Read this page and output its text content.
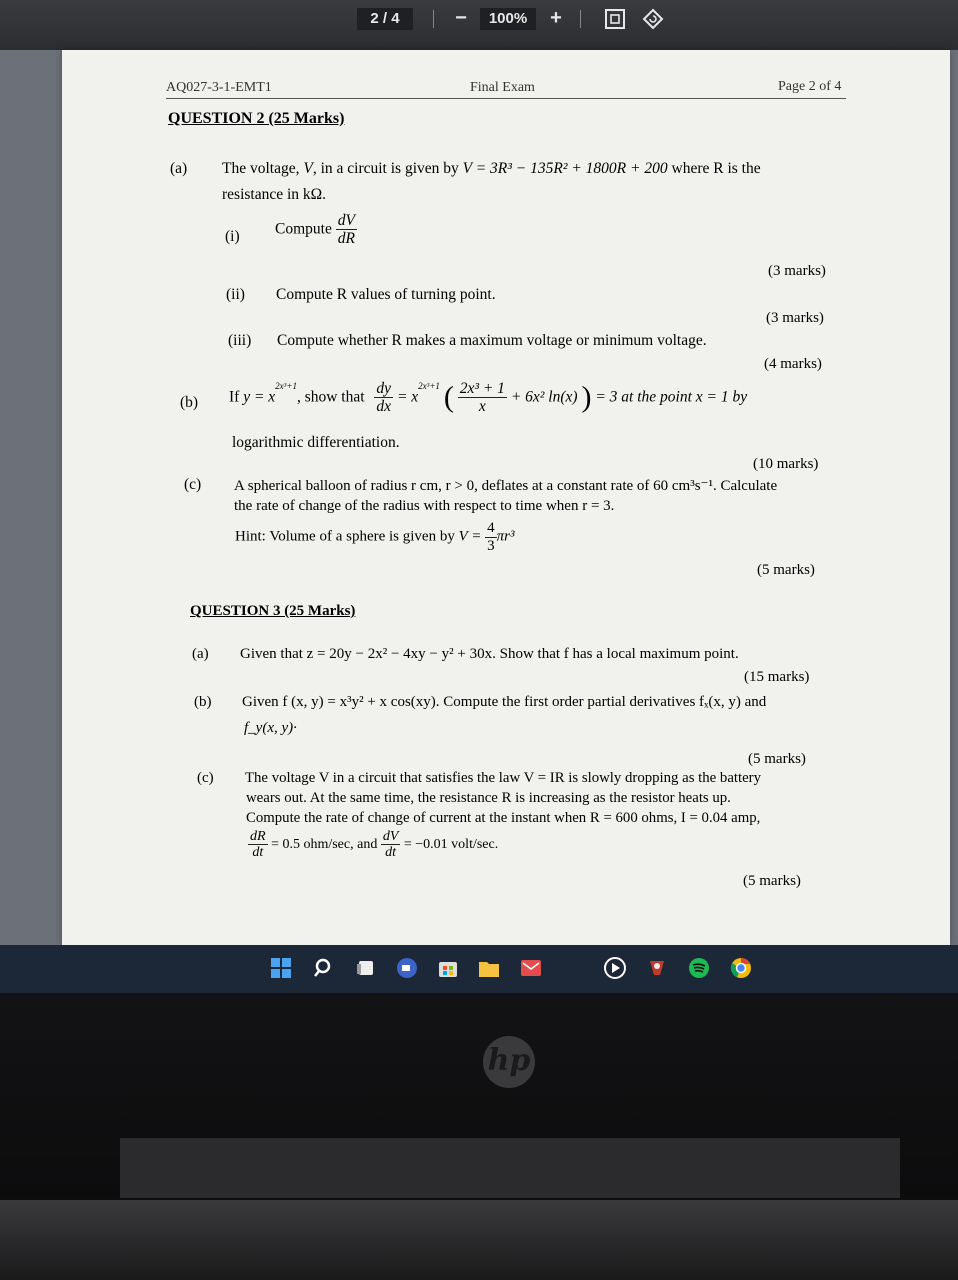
2 / 4	−	100%	+
AQ027-3-1-EMT1	Final Exam	Page 2 of 4
QUESTION 2 (25 Marks)
(a) The voltage, V, in a circuit is given by V = 3R³ − 135R² + 1800R + 200 where R is the
resistance in kΩ.
(i) Compute $\frac{dV}{dR}$
(3 marks)
(ii) Compute R values of turning point.
(3 marks)
(iii) Compute whether R makes a maximum voltage or minimum voltage.
(4 marks)
(b) If $y = x^{2x^3+1}$, show that $\frac{dy}{dx} = x^{2x^3+1}$ ( $\frac{\text{2x³ + 1}}{x} + 6x^2$ ln(x) ) = 3 at the point x = 1 by
logarithmic differentiation.
(10 marks)
(c) A spherical balloon of radius r cm, r > 0, deflates at a constant rate of 60 cm³s⁻¹. Calculate
the rate of change of the radius with respect to time when r = 3.
Hint: Volume of a sphere is given by $V = \frac{4}{3} \pi r^3$
(5 marks)
QUESTION 3 (25 Marks)
(a) Given that z = 20y − 2x² − 4xy − y² + 30x. Show that f has a local maximum point.
(15 marks)
(b) Given f (x, y) = x³y² + x cos(xy). Compute the first order partial derivatives fₓ(x, y) and
f_y(x, y)·
(5 marks)
(c) The voltage V in a circuit that satisfies the law V = IR is slowly dropping as the battery
wears out. At the same time, the resistance R is increasing as the resistor heats up.
Compute the rate of change of current at the instant when R = 600 ohms, I = 0.04 amp,
$\frac{dR}{dt} = 0.5$ ohm/sec, and $\frac{dV}{dt} = -0.01$ volt/sec.
(5 marks)
hp
